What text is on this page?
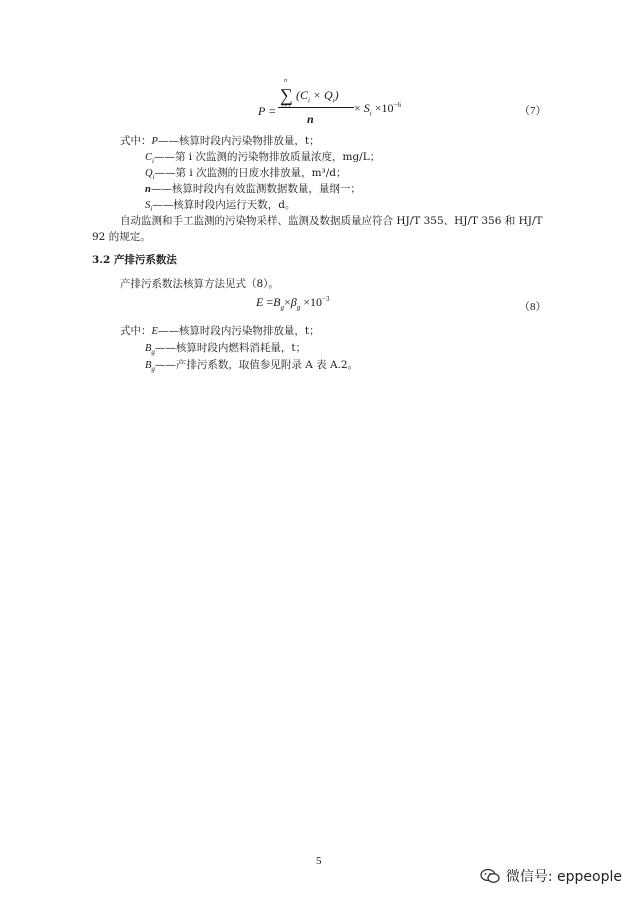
P =
n
∑
i=1
$(C_i \times Q_i)$
n
× $S_i \times 10^{-6}$	（7）
式中：P——核算时段内污染物排放量，t；
$C_i——$第 i 次监测的污染物排放质量浓度，mg/L；
$Q_i——$第 i 次监测的日废水排放量，m³/d；
n——核算时段内有效监测数据数量，量纲一；
$S_i——$核算时段内运行天数，d。
自动监测和手工监测的污染物采样、监测及数据质量应符合 HJ/T 355、HJ/T 356 和 HJ/T
92 的规定。
3.2 产排污系数法
产排污系数法核算方法见式（8）。
$E =B_g\times\beta_g \times 10^{-3}$
（8）
式中：E——核算时段内污染物排放量，t；
$B_g——$核算时段内燃料消耗量，t；
$B_g——$产排污系数，取值参见附录 A 表 A.2。
5
微信号: eppeople
